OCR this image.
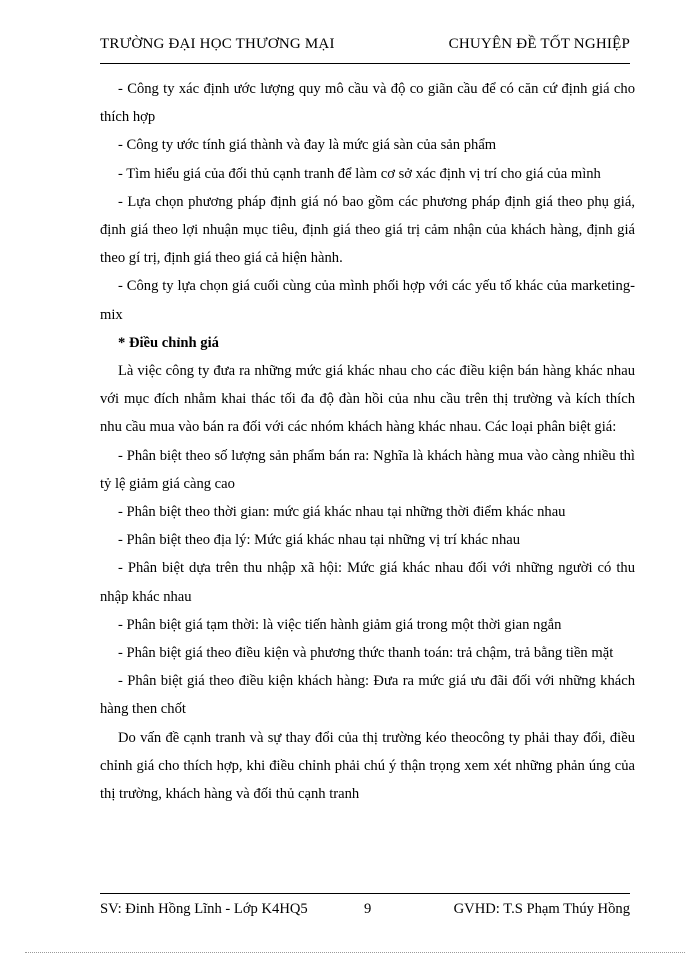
TRƯỜNG ĐẠI HỌC THƯƠNG MẠI	CHUYÊN ĐỀ TỐT NGHIỆP

- Công ty xác định ước lượng quy mô cầu và độ co giãn cầu để có căn cứ định giá cho thích hợp

- Công ty ước tính giá thành và đay là mức giá sàn của sản phẩm

- Tìm hiểu giá của đối thủ cạnh tranh để làm cơ sở xác định vị trí cho giá của mình

- Lựa chọn phương pháp định giá nó bao gồm các phương pháp định giá theo phụ giá, định giá theo lợi nhuận mục tiêu, định giá theo giá trị cảm nhận của khách hàng, định giá theo gí trị, định giá theo giá cả hiện hành.

- Công ty lựa chọn giá cuối cùng của mình phối hợp với các yếu tố khác của marketing-mix

* Điều chỉnh giá

Là việc công ty đưa ra những mức giá khác nhau cho các điều kiện bán hàng khác nhau với mục đích nhằm khai thác tối đa độ đàn hồi của nhu cầu trên thị trường và kích thích nhu cầu mua vào bán ra đối với các nhóm khách hàng khác nhau. Các loại phân biệt giá:

- Phân biệt theo số lượng sản phẩm bán ra: Nghĩa là khách hàng mua vào càng nhiều thì tỷ lệ giảm giá càng cao

- Phân biệt theo thời gian: mức giá khác nhau tại những thời điểm khác nhau

- Phân biệt theo địa lý: Mức giá khác nhau tại những vị trí khác nhau

- Phân biệt dựa trên thu nhập xã hội: Mức giá khác nhau đối với những người có thu nhập khác nhau

- Phân biệt giá tạm thời: là việc tiến hành giảm giá trong một thời gian ngắn

- Phân biệt giá theo điều kiện và phương thức thanh toán: trả chậm, trả bằng tiền mặt

- Phân biệt giá theo điều kiện khách hàng: Đưa ra mức giá ưu đãi đối với những khách hàng then chốt

Do vấn đề cạnh tranh và sự thay đổi của thị trường kéo theocông ty phải thay đổi, điều chỉnh giá cho thích hợp, khi điều chỉnh phải chú ý thận trọng xem xét những phản úng của thị trường, khách hàng và đối thủ cạnh tranh

SV: Đinh Hồng Lĩnh - Lớp K4HQ5	9	GVHD: T.S Phạm Thúy Hồng
